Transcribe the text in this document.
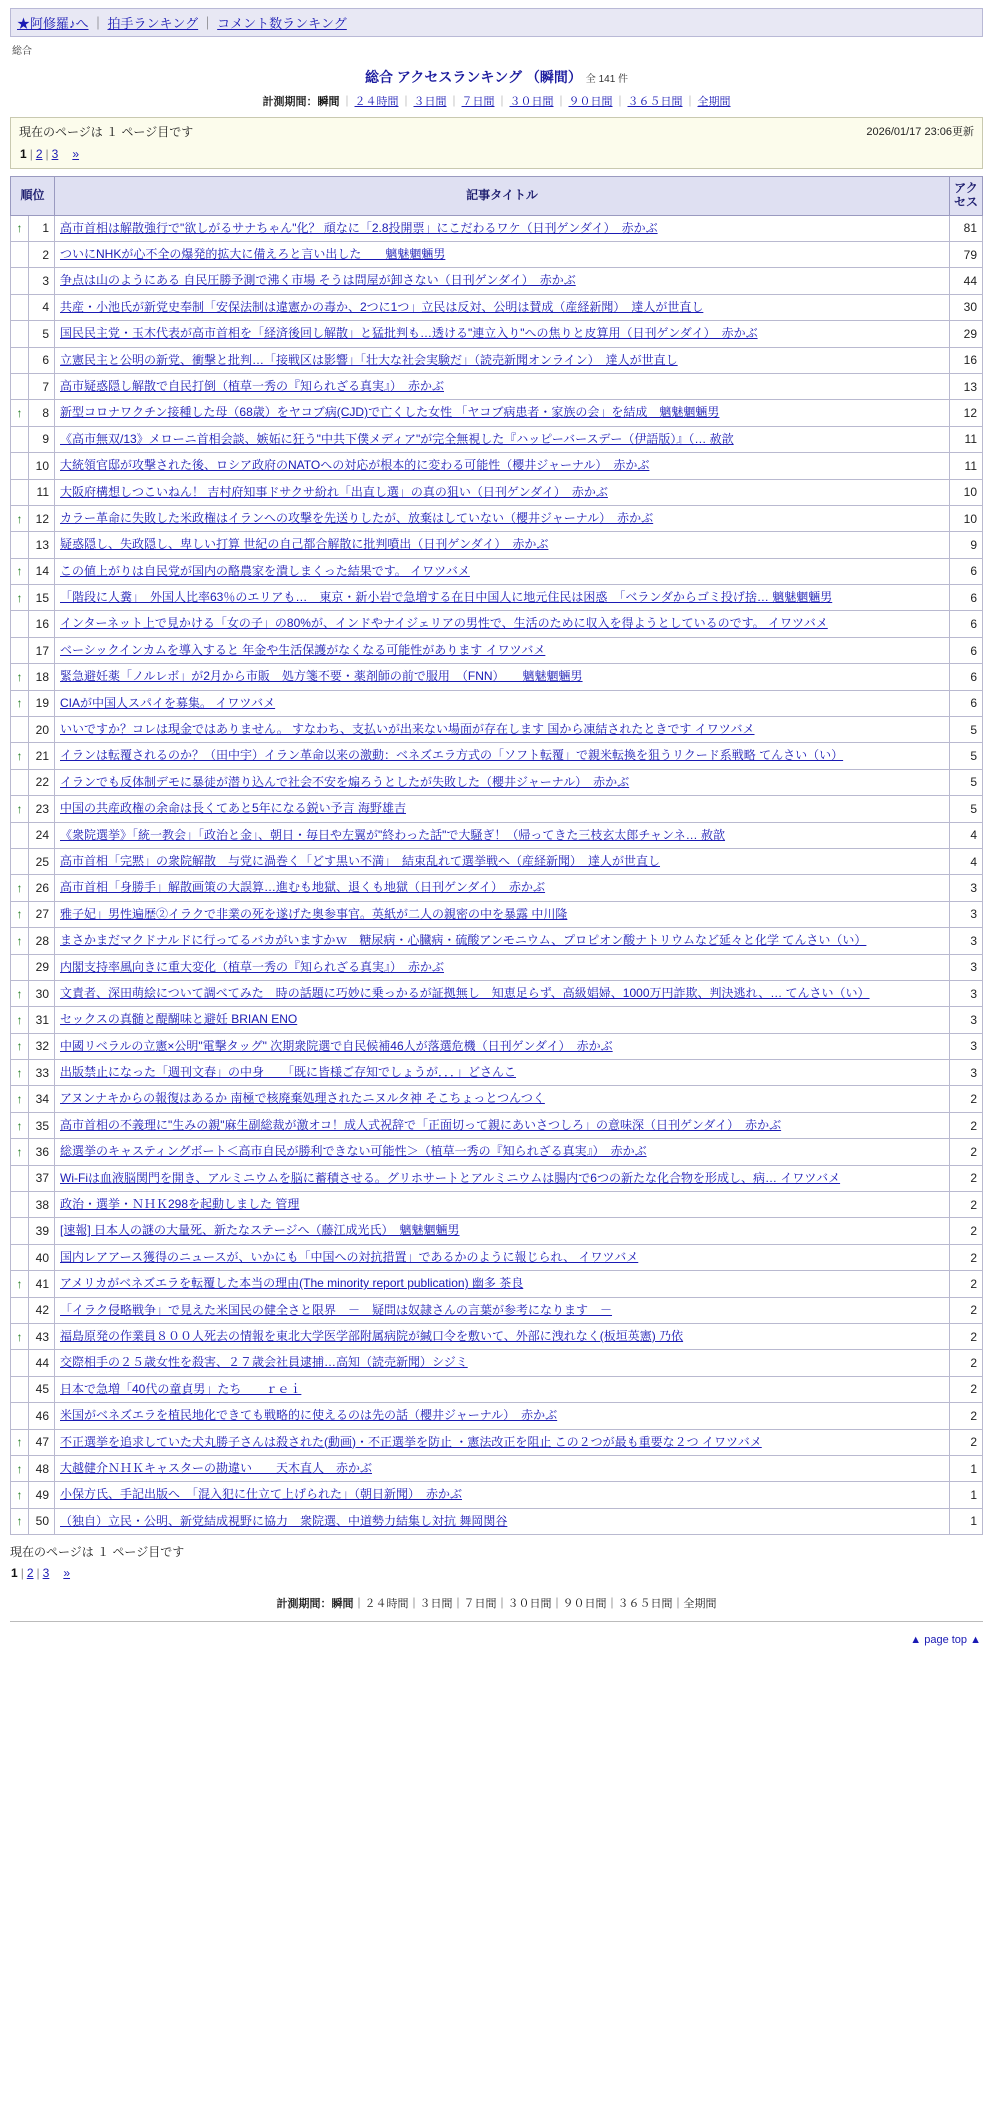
★阿修羅♪へ ｜ 拍手ランキング ｜ コメント数ランキング
総合
総合 アクセスランキング （瞬間） 全 141 件
計測期間：瞬間 ｜ ２４時間 ｜ ３日間 ｜ ７日間 ｜ ３０日間 ｜ ９０日間 ｜ ３６５日間 ｜ 全期間
2026/01/17 23:06更新
現在のページは １ ページ目です
1 | 2 | 3　 »
順位		記事タイトル	アクセス
↑	1	高市首相は解散強行で"欲しがるサナちゃん"化？ 頑なに「2.8投開票」にこだわるワケ（日刊ゲンダイ）　赤かぶ	81
	2	ついにNHKが心不全の爆発的拡大に備えろと言い出した　　魑魅魍魎男	79
	3	争点は山のようにある 自民圧勝予測で沸く市場 そうは問屋が卸さない（日刊ゲンダイ）　赤かぶ	44
	4	共産・小池氏が新党史奉制「安保法制は違憲かの毒か、2つに1つ」立民は反対、公明は賛成（産経新聞）　達人が世直し	30
	5	国民民主党・玉木代表が高市首相を「経済後回し解散」と猛批判も…透ける"連立入り"への焦りと皮算用（日刊ゲンダイ）　赤かぶ	29
	6	立憲民主と公明の新党、衝撃と批判…「接戦区は影響」「壮大な社会実験だ」（読売新聞オンライン）　達人が世直し	16
	7	高市疑惑隠し解散で自民打倒（植草一秀の『知られざる真実』）　赤かぶ	13
↑	8	新型コロナワクチン接種した母（68歳）をヤコブ病(CJD)で亡くした女性 「ヤコブ病患者・家族の会」を結成　魑魅魍魎男	12
	9	《高市無双/13》メローニ首相会談、嫉妬に狂う"中共下僕メディア"が完全無視した『ハッピーバースデー（伊語版）』（… 赦歆	11
	10	大統領官邸が攻撃された後、ロシア政府のNATOへの対応が根本的に変わる可能性（櫻井ジャーナル）　赤かぶ	11
	11	大阪府構想しつこいねん！ 吉村府知事ドサクサ紛れ「出直し選」の真の狙い（日刊ゲンダイ）　赤かぶ	10
↑	12	カラー革命に失敗した米政権はイランへの攻撃を先送りしたが、放棄はしていない（櫻井ジャーナル）　赤かぶ	10
	13	疑惑隠し、失政隠し、卑しい打算 世紀の自己都合解散に批判噴出（日刊ゲンダイ）　赤かぶ	9
↑	14	この値上がりは自民党が国内の酪農家を潰しまくった結果です。 イワツバメ	6
↑	15	「階段に人糞」　外国人比率63％のエリアも…　東京・新小岩で急増する在日中国人に地元住民は困惑　「ベランダからゴミ投げ捨… 魑魅魍魎男	6
	16	インターネット上で見かける「女の子」の80%が、インドやナイジェリアの男性で、生活のために収入を得ようとしているのです。 イワツバメ	6
	17	ベーシックインカムを導入すると 年金や生活保護がなくなる可能性があります イワツバメ	6
↑	18	緊急避妊薬「ノルレボ」が2月から市販　処方箋不要・薬剤師の前で服用　（FNN）　　魑魅魍魎男	6
↑	19	CIAが中国人スパイを募集。 イワツバメ	6
	20	いいですか？コレは現金ではありません。 すなわち、支払いが出来ない場面が存在します 国から凍結されたときです イワツバメ	5
↑	21	イランは転覆されるのか？（田中宇）イラン革命以来の激動：ベネズエラ方式の「ソフト転覆」で親米転換を狙うリクード系戦略 てんさい（い）	5
	22	イランでも反体制デモに暴徒が潜り込んで社会不安を煽ろうとしたが失敗した（櫻井ジャーナル）　赤かぶ	5
↑	23	中国の共産政権の余命は長くてあと5年になる鋭い予言 海野雄吉	5
	24	《衆院選挙》「統一教会」「政治と金」、朝日・毎日や左翼が"終わった話"で大騒ぎ！（帰ってきた三枝玄太郎チャンネ… 赦歆	4
	25	高市首相「完黙」の衆院解散　与党に渦巻く「どす黒い不満」　結束乱れて選挙戦へ（産経新聞）　達人が世直し	4
↑	26	高市首相「身勝手」解散画策の大誤算…進むも地獄、退くも地獄（日刊ゲンダイ）　赤かぶ	3
↑	27	雅子妃」男性遍歴②イラクで非業の死を遂げた奥参事官。英紙が二人の親密の中を暴露 中川隆	3
↑	28	まさかまだマクドナルドに行ってるバカがいますかｗ　糖尿病・心臓病・硫酸アンモニウム、プロピオン酸ナトリウムなど延々と化学 てんさい（い）	3
	29	内閣支持率風向きに重大変化（植草一秀の『知られざる真実』）　赤かぶ	3
↑	30	文責者、深田萌絵について調べてみた　時の話題に巧妙に乗っかるが証拠無し　知恵足らず、高級娼婦、1000万円詐欺、判決逃れ、… てんさい（い）	3
↑	31	セックスの真髄と醍醐味と避妊 BRIAN ENO	3
↑	32	中國リベラルの立憲×公明"電撃タッグ" 次期衆院選で自民候補46人が落選危機（日刊ゲンダイ）　赤かぶ	3
↑	33	出版禁止になった「週刊文春」の中身　　「既に皆様ご存知でしょうが．．．」どさんこ	3
↑	34	アヌンナキからの報復はあるか 南極で核廃棄処理されたニヌルタ神 そこちょっとつんつく	2
↑	35	高市首相の不義理に"生みの親"麻生副総裁が激オコ！成人式祝辞で「正面切って親にあいさつしろ」の意味深（日刊ゲンダイ）　赤かぶ	2
↑	36	総選挙のキャスティングボート＜高市自民が勝利できない可能性＞（植草一秀の『知られざる真実』）　赤かぶ	2
	37	Wi-Fiは血液脳関門を開き、アルミニウムを脳に蓄積させる。グリホサートとアルミニウムは腸内で6つの新たな化合物を形成し、病… イワツバメ	2
	38	政治・選挙・ＮＨＫ298を起動しました 管理	2
	39	[速報] 日本人の謎の大量死、新たなステージへ（藤江成光氏）　魑魅魍魎男	2
	40	国内レアアース獲得のニュースが、いかにも「中国への対抗措置」であるかのように報じられ、 イワツバメ	2
↑	41	アメリカがベネズエラを転覆した本当の理由(The minority report publication) 幽多 茶良	2
	42	「イラク侵略戦争」で見えた米国民の健全さと限界　－　疑問は奴隷さんの言葉が参考になります　－	2
↑	43	福島原発の作業員８００人死去の情報を東北大学医学部附属病院が緘口令を敷いて、外部に洩れなく(板垣英憲) 乃依	2
	44	交際相手の２５歳女性を殺害、２７歳会社員逮捕…高知（読売新聞）シジミ	2
	45	日本で急増「40代の童貞男」たち　　ｒｅｉ	2
	46	米国がベネズエラを植民地化できても戦略的に使えるのは先の話（櫻井ジャーナル）　赤かぶ	2
↑	47	不正選挙を追求していた犬丸勝子さんは殺された(動画)・不正選挙を防止 ・憲法改正を阻止 この２つが最も重要な２つ イワツバメ	2
↑	48	大越健介ＮＨＫキャスターの勘違い　　天木直人　赤かぶ	1
↑	49	小保方氏、手記出版へ　「混入犯に仕立て上げられた」（朝日新聞）　赤かぶ	1
↑	50	（独自）立民・公明、新党結成視野に協力　衆院選、中道勢力結集し対抗 舞岡関谷	1
現在のページは １ ページ目です
1 | 2 | 3　 »
計測期間：瞬間｜２４時間｜３日間｜７日間｜３０日間｜９０日間｜３６５日間｜全期間
▲ page top ▲
